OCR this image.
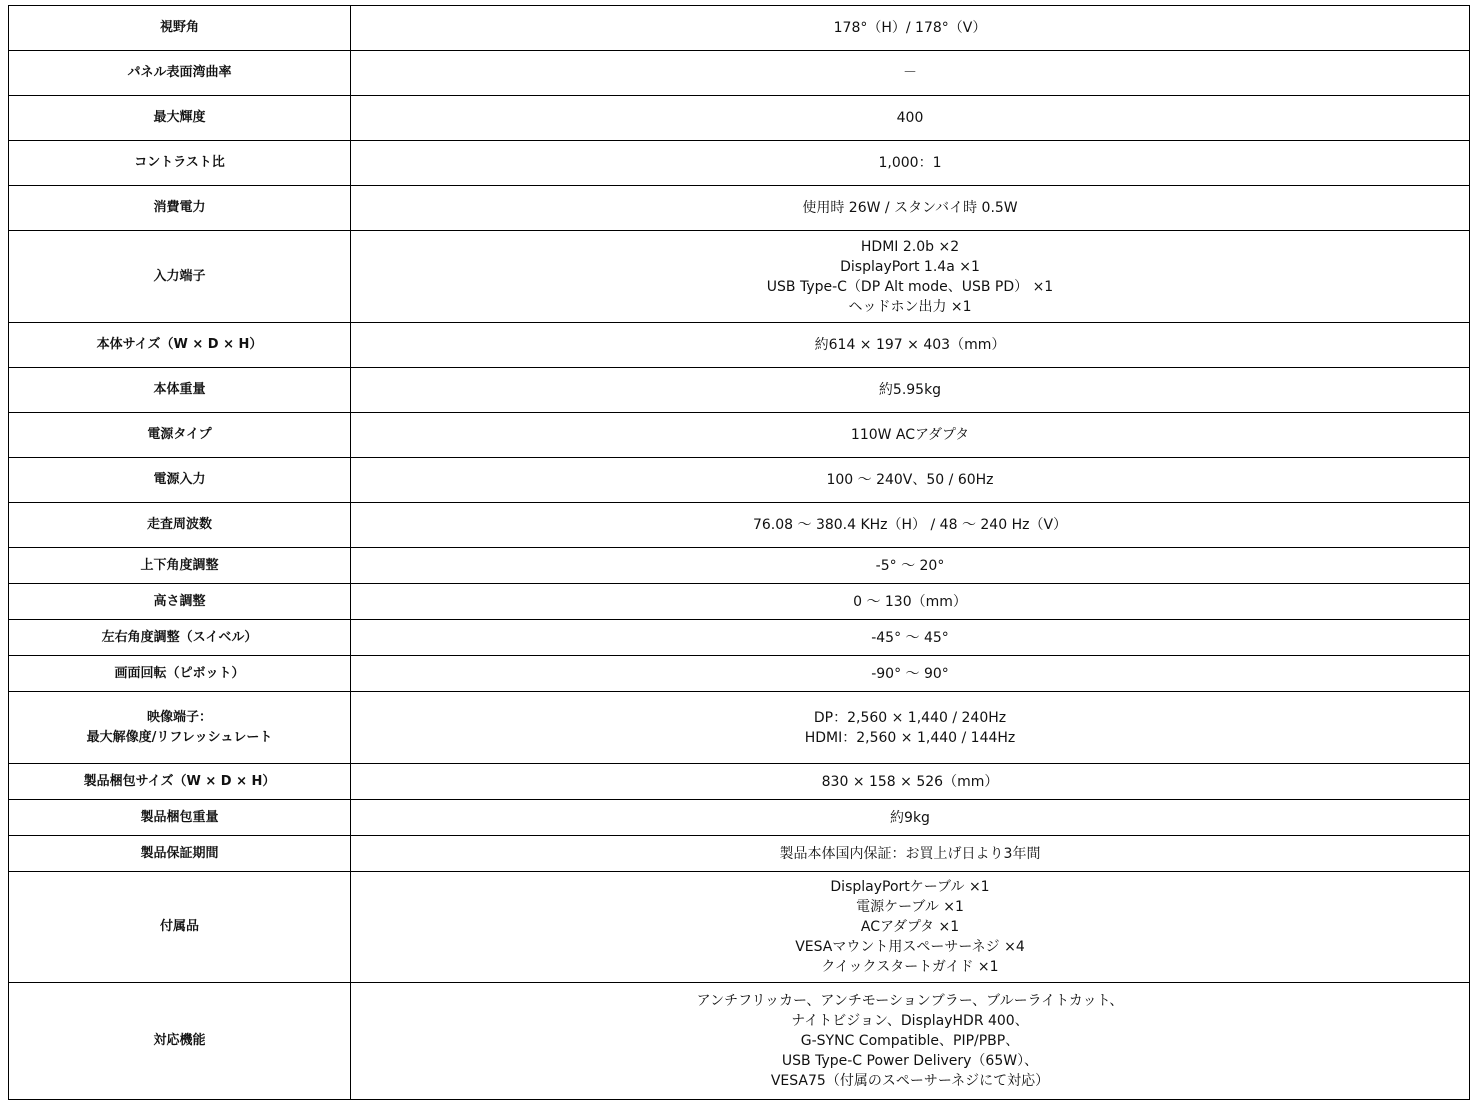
視野角	178°（H）/ 178°（V）

パネル表面湾曲率	－

最大輝度	400

コントラスト比	1,000：1

消費電力	使用時 26W / スタンバイ時 0.5W

入力端子	HDMI 2.0b ×2
DisplayPort 1.4a ×1
USB Type-C（DP Alt mode、USB PD） ×1
ヘッドホン出力 ×1

本体サイズ（W × D × H）	約614 × 197 × 403（mm）

本体重量	約5.95kg

電源タイプ	110W ACアダプタ

電源入力	100 ～ 240V、50 / 60Hz

走査周波数	76.08 ～ 380.4 KHz（H） / 48 ～ 240 Hz（V）

上下角度調整	-5° ～ 20°

高さ調整	0 ～ 130（mm）

左右角度調整（スイベル）	-45° ～ 45°

画面回転（ピボット）	-90° ～ 90°

映像端子：
最大解像度/リフレッシュレート	DP：2,560 × 1,440 / 240Hz
HDMI：2,560 × 1,440 / 144Hz

製品梱包サイズ（W × D × H）	830 × 158 × 526（mm）

製品梱包重量	約9kg

製品保証期間	製品本体国内保証：お買上げ日より3年間

付属品	DisplayPortケーブル ×1
電源ケーブル ×1
ACアダプタ ×1
VESAマウント用スペーサーネジ ×4
クイックスタートガイド ×1

対応機能	アンチフリッカー、アンチモーションブラー、ブルーライトカット、
ナイトビジョン、DisplayHDR 400、
G-SYNC Compatible、PIP/PBP、
USB Type-C Power Delivery（65W）、
VESA75（付属のスペーサーネジにて対応）
